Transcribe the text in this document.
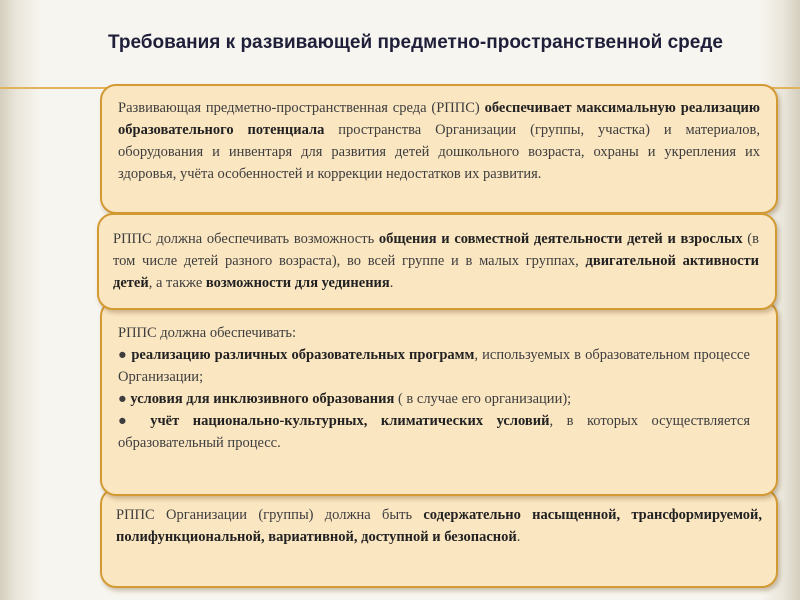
Требования к развивающей предметно-пространственной среде

Развивающая предметно-пространственная среда (РППС) обеспечивает максимальную реализацию образовательного потенциала пространства Организации (группы, участка) и материалов, оборудования и инвентаря для развития детей дошкольного возраста, охраны и укрепления их здоровья, учёта особенностей и коррекции недостатков их развития.

РППС Организации (группы) должна быть содержательно насыщенной, трансформируемой, полифункциональной, вариативной, доступной и безопасной.

РППС должна обеспечивать:

● реализацию различных образовательных программ, используемых в образовательном процессе Организации;

● условия для инклюзивного образования ( в случае его организации);

● учёт национально-культурных, климатических условий, в которых осуществляется образовательный процесс.

РППС должна обеспечивать возможность общения и совместной деятельности детей и взрослых (в том числе детей разного возраста), во всей группе и в малых группах, двигательной активности детей, а также возможности для уединения.
